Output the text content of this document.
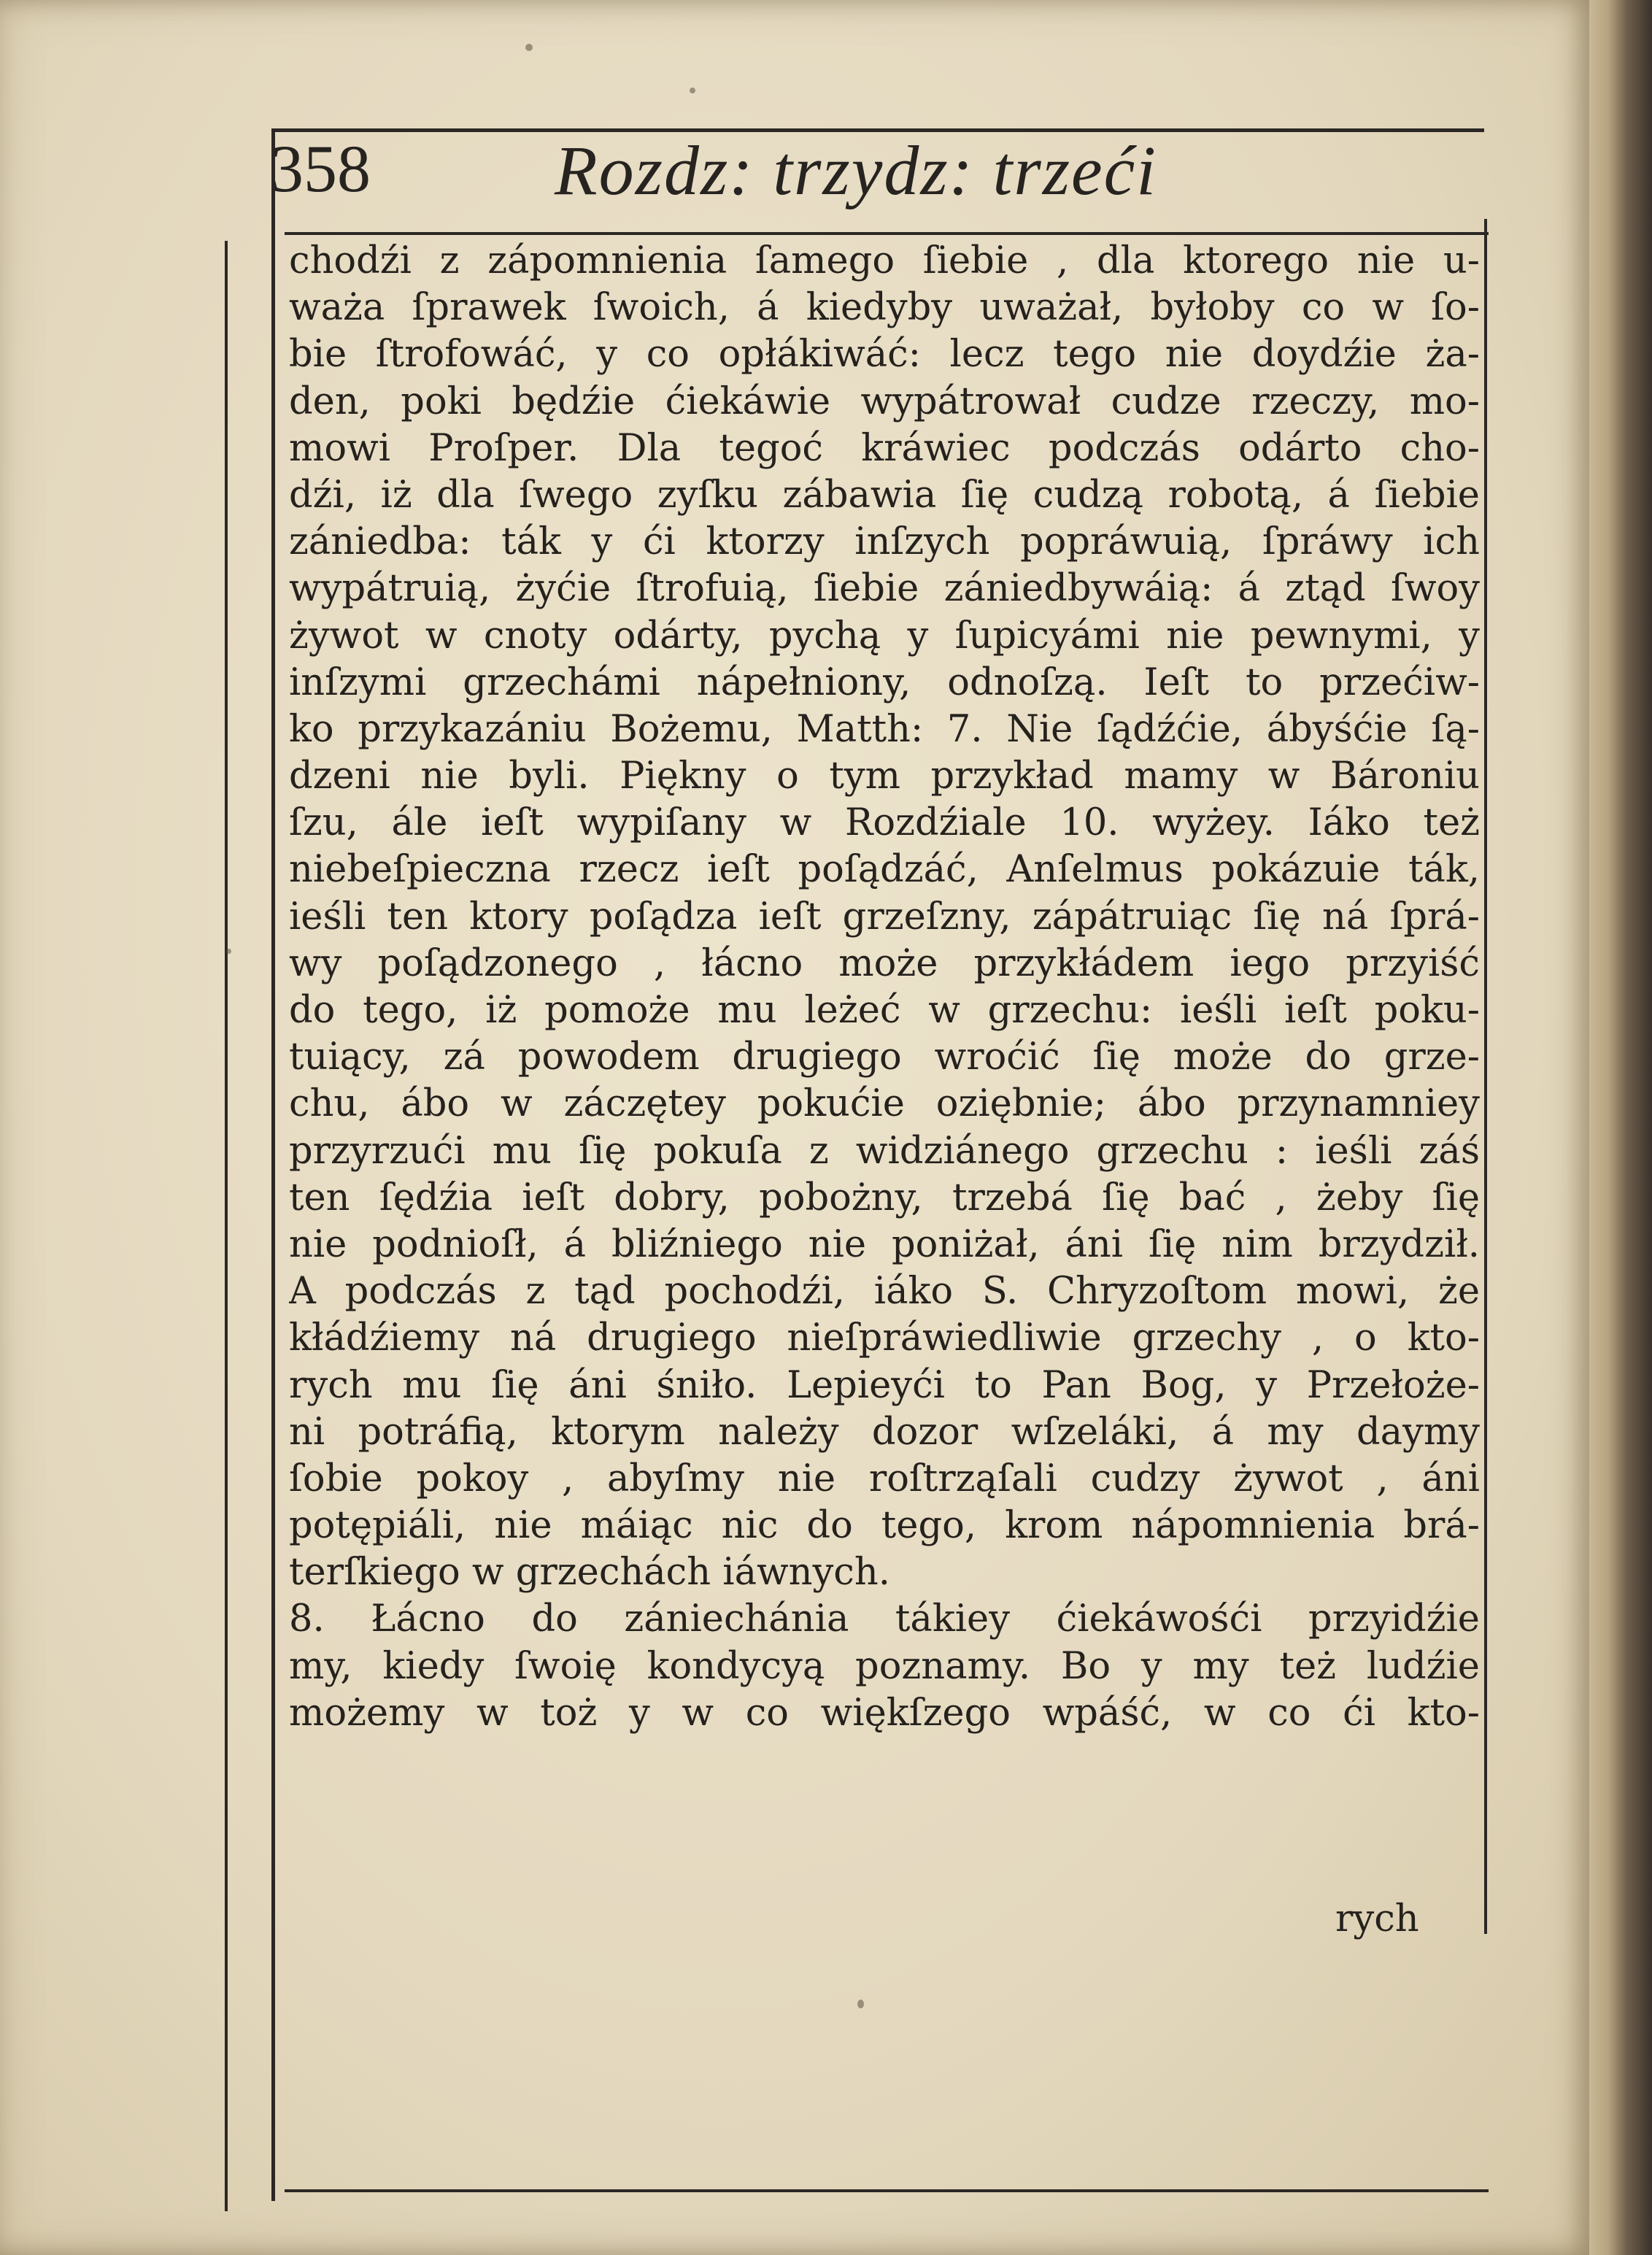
358	Rozdz: trzydz: trzeći
chodźi z zápomnienia ſamego ſiebie , dla ktorego nie u-
waża ſprawek ſwoich, á kiedyby uważał, byłoby co w ſo-
bie ſtrofowáć, y co opłákiwáć: lecz tego nie doydźie ża-
den, poki będźie ćiekáwie wypátrował cudze rzeczy, mo-
mowi Proſper. Dla tegoć kráwiec podczás odárto cho-
dźi, iż dla ſwego zyſku zábawia ſię cudzą robotą, á ſiebie
zániedba: ták y ći ktorzy inſzych popráwuią, ſpráwy ich
wypátruią, żyćie ſtrofuią, ſiebie zániedbywáią: á ztąd ſwoy
żywot w cnoty odárty, pychą y ſupicyámi nie pewnymi, y
inſzymi grzechámi nápełniony, odnoſzą. Ieſt to przećiw-
ko przykazániu Bożemu, Matth: 7. Nie ſądźćie, ábyśćie ſą-
dzeni nie byli. Piękny o tym przykład mamy w Bároniu
ſzu, ále ieſt wypiſany w Rozdźiale 10. wyżey. Iáko też
niebeſpieczna rzecz ieſt poſądzáć, Anſelmus pokázuie ták,
ieśli ten ktory poſądza ieſt grzeſzny, zápátruiąc ſię ná ſprá-
wy poſądzonego , łácno może przykłádem iego przyiść
do tego, iż pomoże mu leżeć w grzechu: ieśli ieſt poku-
tuiący, zá powodem drugiego wroćić ſię może do grze-
chu, ábo w záczętey pokućie oziębnie; ábo przynamniey
przyrzući mu ſię pokuſa z widziánego grzechu : ieśli záś
ten ſędźia ieſt dobry, pobożny, trzebá ſię bać , żeby ſię
nie podnioſł, á bliźniego nie poniżał, áni ſię nim brzydził.
A podczás z tąd pochodźi, iáko S. Chryzoſtom mowi, że
kłádźiemy ná drugiego nieſpráwiedliwie grzechy , o kto-
rych mu ſię áni śniło. Lepieyći to Pan Bog, y Przełoże-
ni potráfią, ktorym należy dozor wſzeláki, á my daymy
ſobie pokoy , abyſmy nie roſtrząſali cudzy żywot , áni
potępiáli, nie máiąc nic do tego, krom nápomnienia brá-
terſkiego w grzechách iáwnych.
8. Łácno do zániechánia tákiey ćiekáwośći przyidźie
my, kiedy ſwoię kondycyą poznamy. Bo y my też ludźie
możemy w toż y w co więkſzego wpáść, w co ći kto-
rych
